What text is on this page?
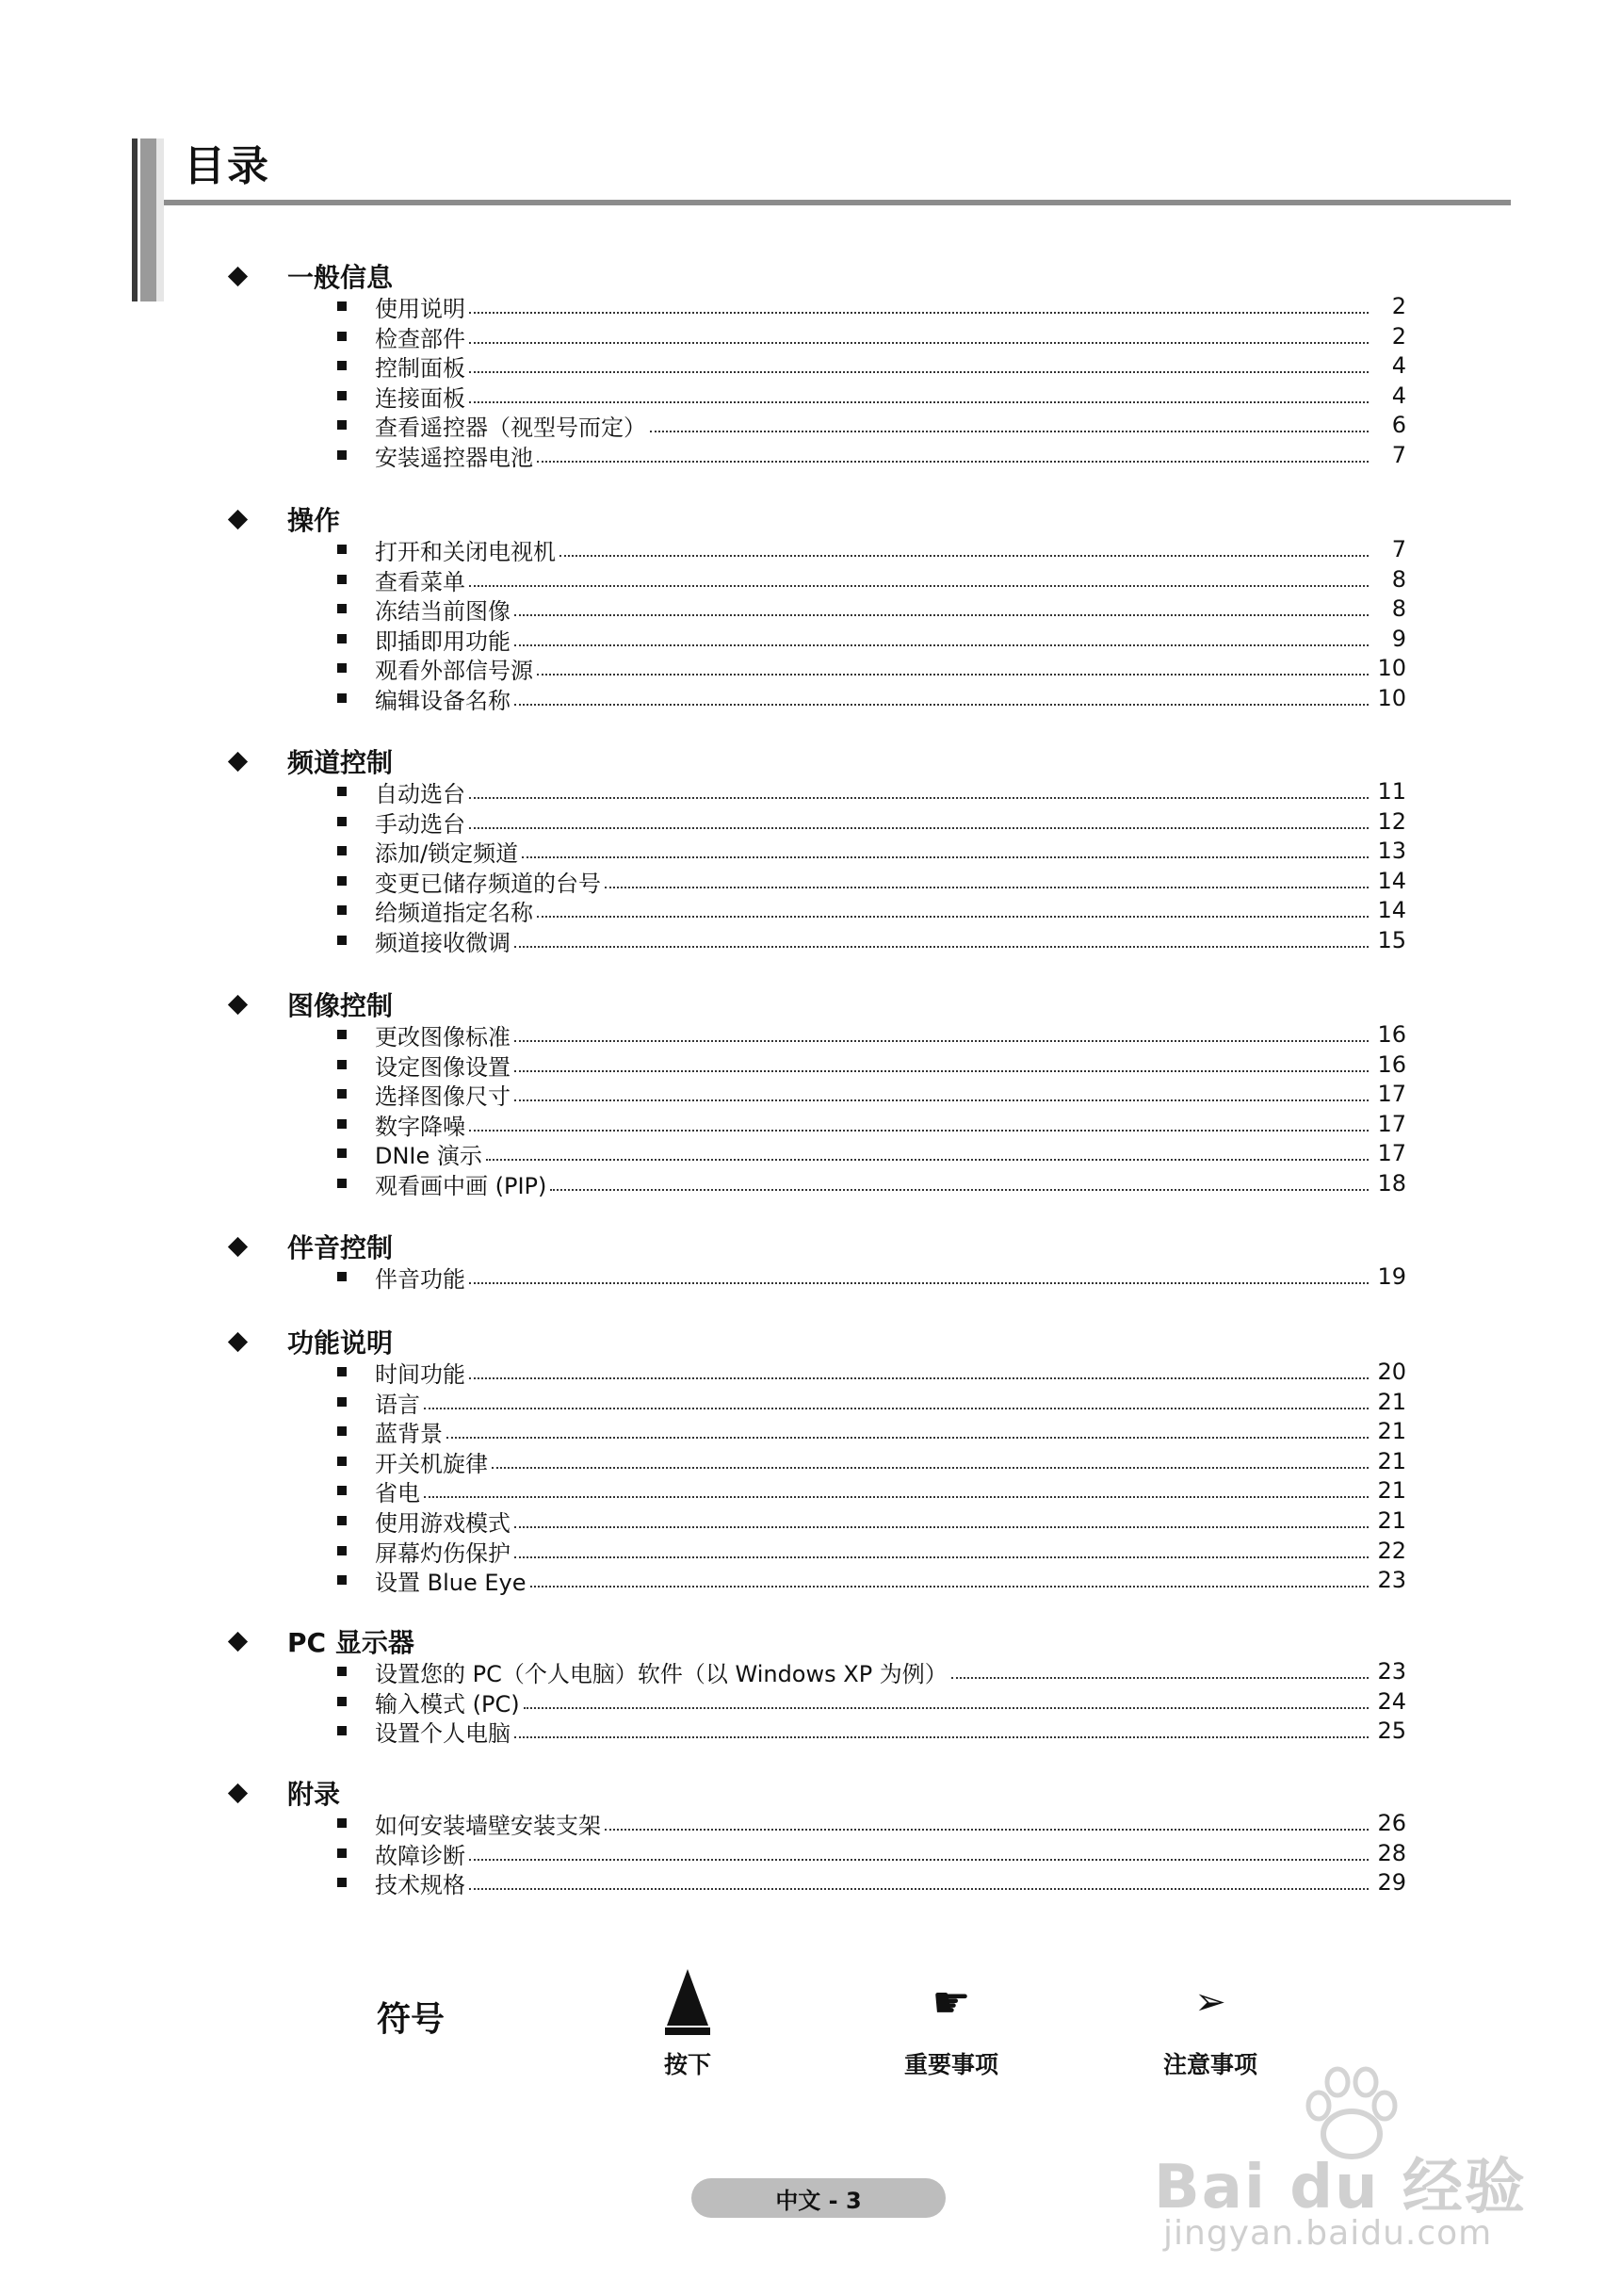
目录
一般信息
使用说明	2
检查部件	2
控制面板	4
连接面板	4
查看遥控器（视型号而定）	6
安装遥控器电池	7
操作
打开和关闭电视机	7
查看菜单	8
冻结当前图像	8
即插即用功能	9
观看外部信号源	10
编辑设备名称	10
频道控制
自动选台	11
手动选台	12
添加/锁定频道	13
变更已储存频道的台号	14
给频道指定名称	14
频道接收微调	15
图像控制
更改图像标准	16
设定图像设置	16
选择图像尺寸	17
数字降噪	17
DNIe 演示	17
观看画中画 (PIP)	18
伴音控制
伴音功能	19
功能说明
时间功能	20
语言	21
蓝背景	21
开关机旋律	21
省电	21
使用游戏模式	21
屏幕灼伤保护	22
设置 Blue Eye	23
PC 显示器
设置您的 PC（个人电脑）软件（以 Windows XP 为例）	23
输入模式 (PC)	24
设置个人电脑	25
附录
如何安装墙壁安装支架	26
故障诊断	28
技术规格	29
符号
按下
☛
重要事项
➢
注意事项
中文 - 3	Bai du 经验
jingyan.baidu.com
